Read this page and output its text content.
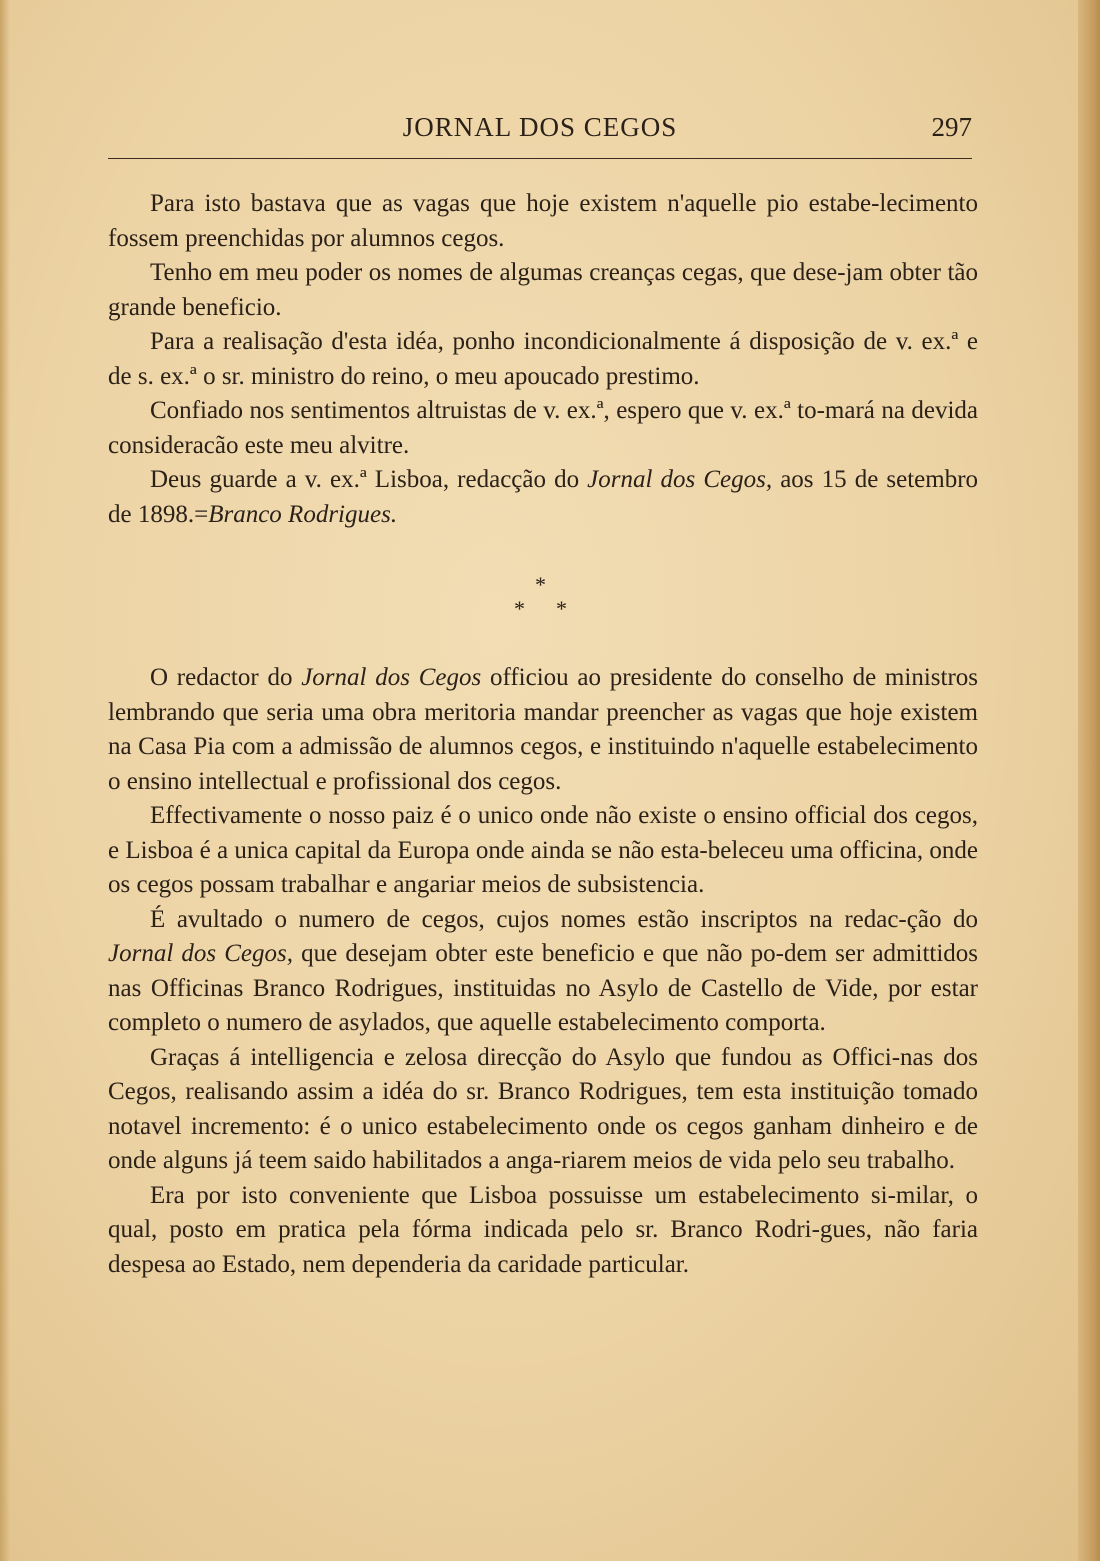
JORNAL DOS CEGOS	297

Para isto bastava que as vagas que hoje existem n'aquelle pio estabe-lecimento fossem preenchidas por alumnos cegos.

Tenho em meu poder os nomes de algumas creanças cegas, que dese-jam obter tão grande beneficio.

Para a realisação d'esta idéa, ponho incondicionalmente á disposição de v. ex.ª e de s. ex.ª o sr. ministro do reino, o meu apoucado prestimo.

Confiado nos sentimentos altruistas de v. ex.ª, espero que v. ex.ª to-mará na devida consideracão este meu alvitre.

Deus guarde a v. ex.ª Lisboa, redacção do Jornal dos Cegos, aos 15 de setembro de 1898.=Branco Rodrigues.

*
* *

O redactor do Jornal dos Cegos officiou ao presidente do conselho de ministros lembrando que seria uma obra meritoria mandar preencher as vagas que hoje existem na Casa Pia com a admissão de alumnos cegos, e instituindo n'aquelle estabelecimento o ensino intellectual e profissional dos cegos.

Effectivamente o nosso paiz é o unico onde não existe o ensino official dos cegos, e Lisboa é a unica capital da Europa onde ainda se não esta-beleceu uma officina, onde os cegos possam trabalhar e angariar meios de subsistencia.

É avultado o numero de cegos, cujos nomes estão inscriptos na redac-ção do Jornal dos Cegos, que desejam obter este beneficio e que não po-dem ser admittidos nas Officinas Branco Rodrigues, instituidas no Asylo de Castello de Vide, por estar completo o numero de asylados, que aquelle estabelecimento comporta.

Graças á intelligencia e zelosa direcção do Asylo que fundou as Offici-nas dos Cegos, realisando assim a idéa do sr. Branco Rodrigues, tem esta instituição tomado notavel incremento: é o unico estabelecimento onde os cegos ganham dinheiro e de onde alguns já teem saido habilitados a anga-riarem meios de vida pelo seu trabalho.

Era por isto conveniente que Lisboa possuisse um estabelecimento si-milar, o qual, posto em pratica pela fórma indicada pelo sr. Branco Rodri-gues, não faria despesa ao Estado, nem dependeria da caridade particular.
